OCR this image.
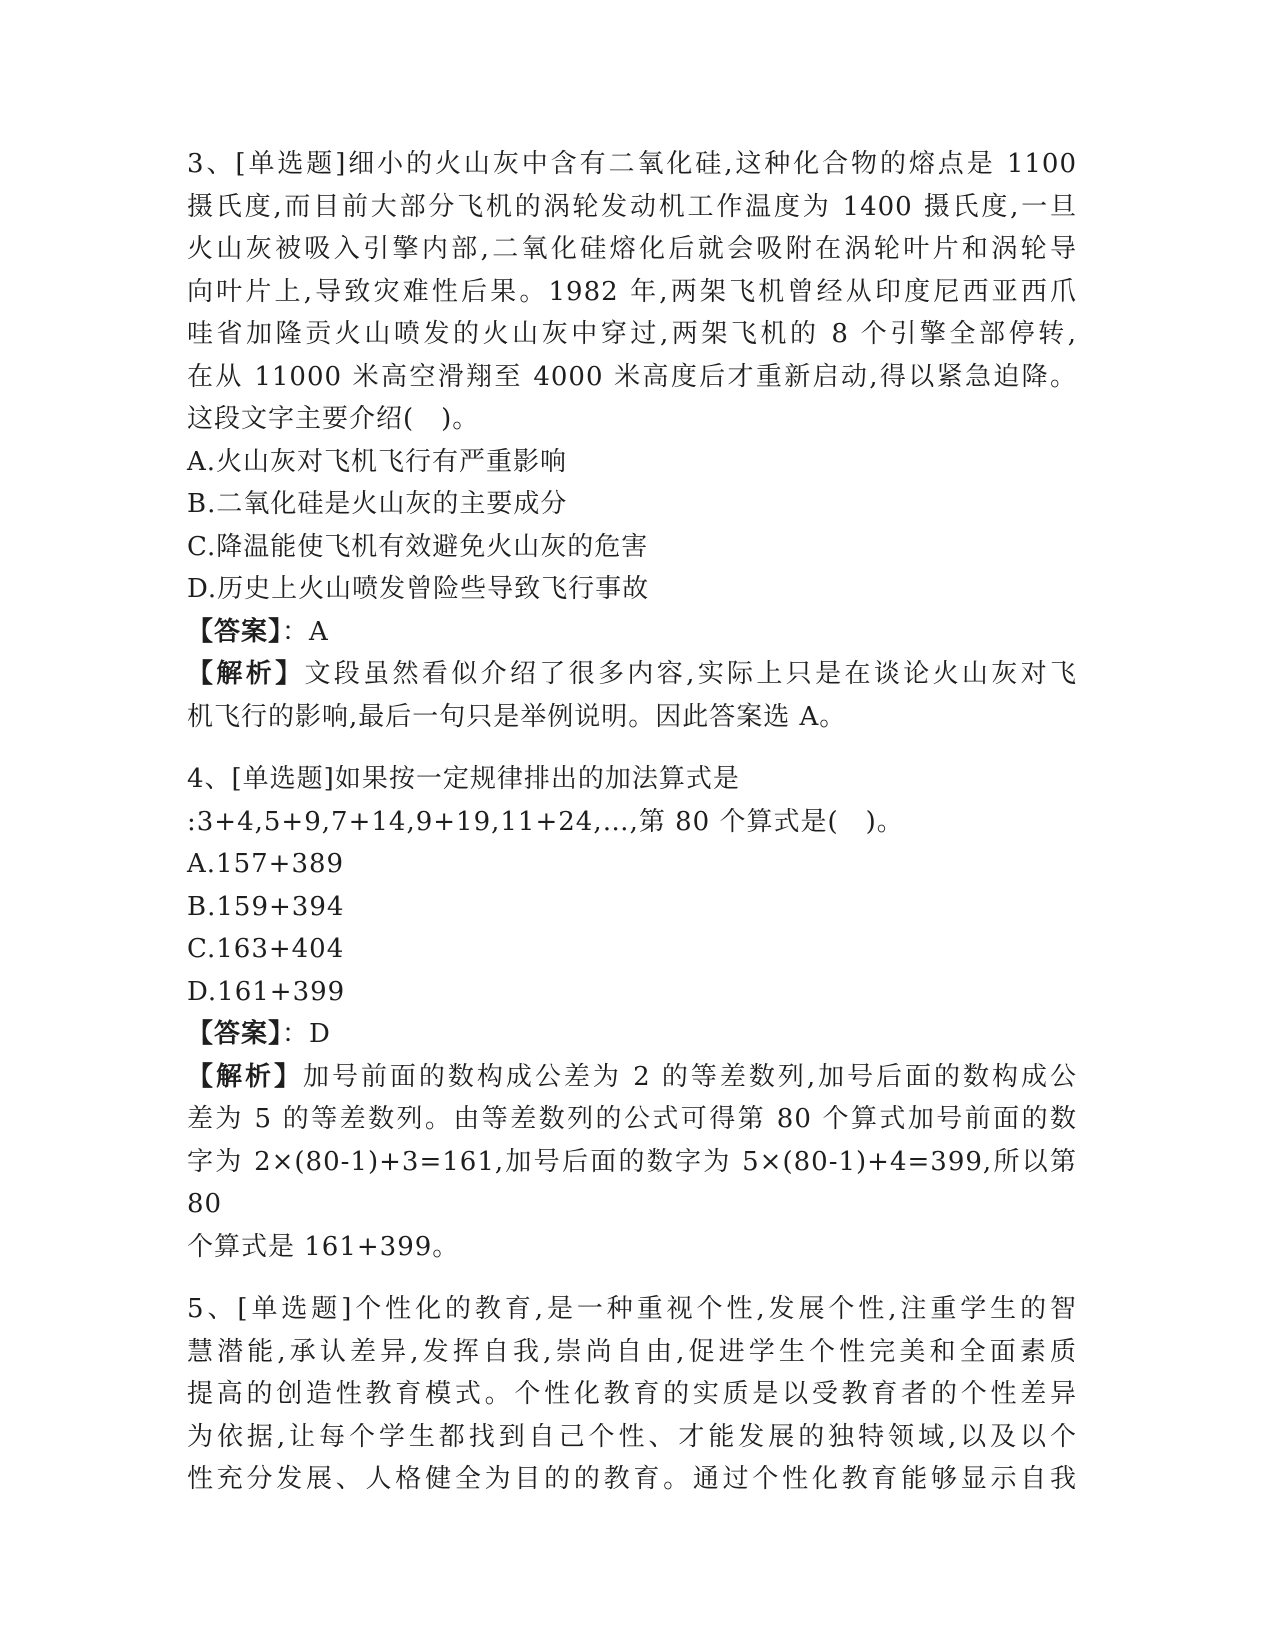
3、[单选题]细小的火山灰中含有二氧化硅,这种化合物的熔点是 1100
摄氏度,而目前大部分飞机的涡轮发动机工作温度为 1400 摄氏度,一旦
火山灰被吸入引擎内部,二氧化硅熔化后就会吸附在涡轮叶片和涡轮导
向叶片上,导致灾难性后果。1982 年,两架飞机曾经从印度尼西亚西爪
哇省加隆贡火山喷发的火山灰中穿过,两架飞机的 8 个引擎全部停转,
在从 11000 米高空滑翔至 4000 米高度后才重新启动,得以紧急迫降。
这段文字主要介绍(　)。
A.火山灰对飞机飞行有严重影响
B.二氧化硅是火山灰的主要成分
C.降温能使飞机有效避免火山灰的危害
D.历史上火山喷发曾险些导致飞行事故
【答案】：A
【解析】文段虽然看似介绍了很多内容,实际上只是在谈论火山灰对飞
机飞行的影响,最后一句只是举例说明。因此答案选 A。
4、[单选题]如果按一定规律排出的加法算式是
:3+4,5+9,7+14,9+19,11+24,…,第 80 个算式是(　)。
A.157+389
B.159+394
C.163+404
D.161+399
【答案】：D
【解析】加号前面的数构成公差为 2 的等差数列,加号后面的数构成公
差为 5 的等差数列。由等差数列的公式可得第 80 个算式加号前面的数
字为 2×(80-1)+3=161,加号后面的数字为 5×(80-1)+4=399,所以第 80
个算式是 161+399。
5、[单选题]个性化的教育,是一种重视个性,发展个性,注重学生的智
慧潜能,承认差异,发挥自我,崇尚自由,促进学生个性完美和全面素质
提高的创造性教育模式。个性化教育的实质是以受教育者的个性差异
为依据,让每个学生都找到自己个性、才能发展的独特领域,以及以个
性充分发展、人格健全为目的的教育。通过个性化教育能够显示自我
